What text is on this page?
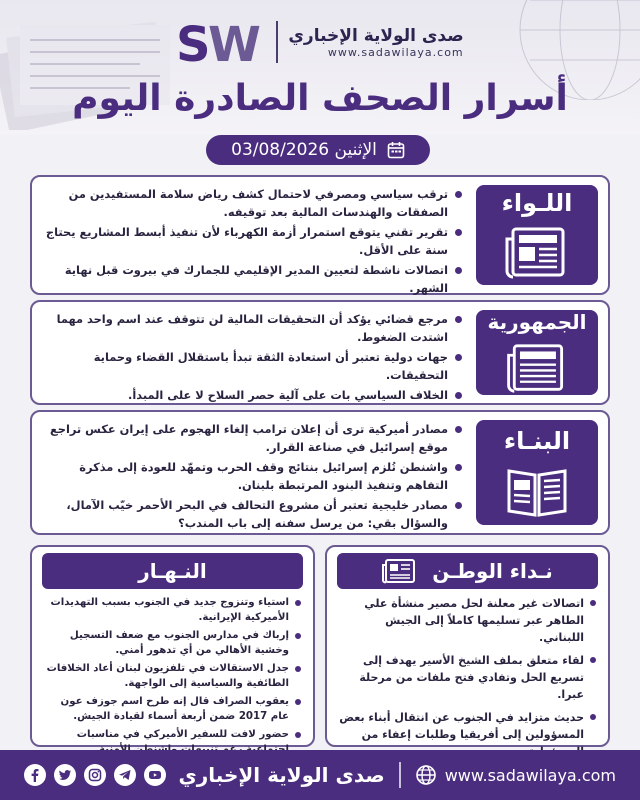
S
W صدى الولاية الإخباري
www.sadawilaya.com
أسرار الصحف الصادرة اليوم
الإثنين 03/08/2026
اللـواء
ترقب سياسي ومصرفي لاحتمال كشف رياض سلامة المستفيدين من الصفقات والهندسات المالية بعد توقيفه.
تقرير تقني يتوقع استمرار أزمة الكهرباء لأن تنفيذ أبسط المشاريع يحتاج سنة على الأقل.
اتصالات ناشطة لتعيين المدير الإقليمي للجمارك في بيروت قبل نهاية الشهر.
الجمهورية
مرجع قضائي يؤكد أن التحقيقات المالية لن تتوقف عند اسم واحد مهما اشتدت الضغوط.
جهات دولية تعتبر أن استعادة الثقة تبدأ باستقلال القضاء وحماية التحقيقات.
الخلاف السياسي بات على آلية حصر السلاح لا على المبدأ.
البنـاء
مصادر أميركية ترى أن إعلان ترامب إلغاء الهجوم على إيران عكس تراجع موقع إسرائيل في صناعة القرار.
واشنطن تُلزم إسرائيل بنتائج وقف الحرب وتمهّد للعودة إلى مذكرة التفاهم وتنفيذ البنود المرتبطة بلبنان.
مصادر خليجية تعتبر أن مشروع التحالف في البحر الأحمر خيّب الآمال، والسؤال بقي: من يرسل سفنه إلى باب المندب؟
النـهـار
استياء وتنزوج جديد في الجنوب بسبب التهديدات الأميركية الإيرانية.
إرباك في مدارس الجنوب مع ضعف التسجيل وخشية الأهالي من أي تدهور أمني.
جدل الاستقالات في تلفزيون لبنان أعاد الخلافات الطائفية والسياسية إلى الواجهة.
يعقوب الصراف قال إنه طرح اسم جوزف عون عام 2017 ضمن أربعة أسماء لقيادة الجيش.
حضور لافت للسفير الأميركي في مناسبات
نـداء الوطـن
اتصالات غير معلنة لحل مصير منشأة علي الطاهر عبر تسليمها كاملاً إلى الجيش اللبناني.
لقاء متعلق بملف الشيخ الأسير يهدف إلى تسريع الحل وتفادي فتح ملفات من مرحلة عبرا.
حديث متزايد في الجنوب عن انتقال أبناء بعض المسؤولين إلى أفريقيا وطلبات إعفاء من
صدى الولاية الإخباري	www.sadawilaya.com
